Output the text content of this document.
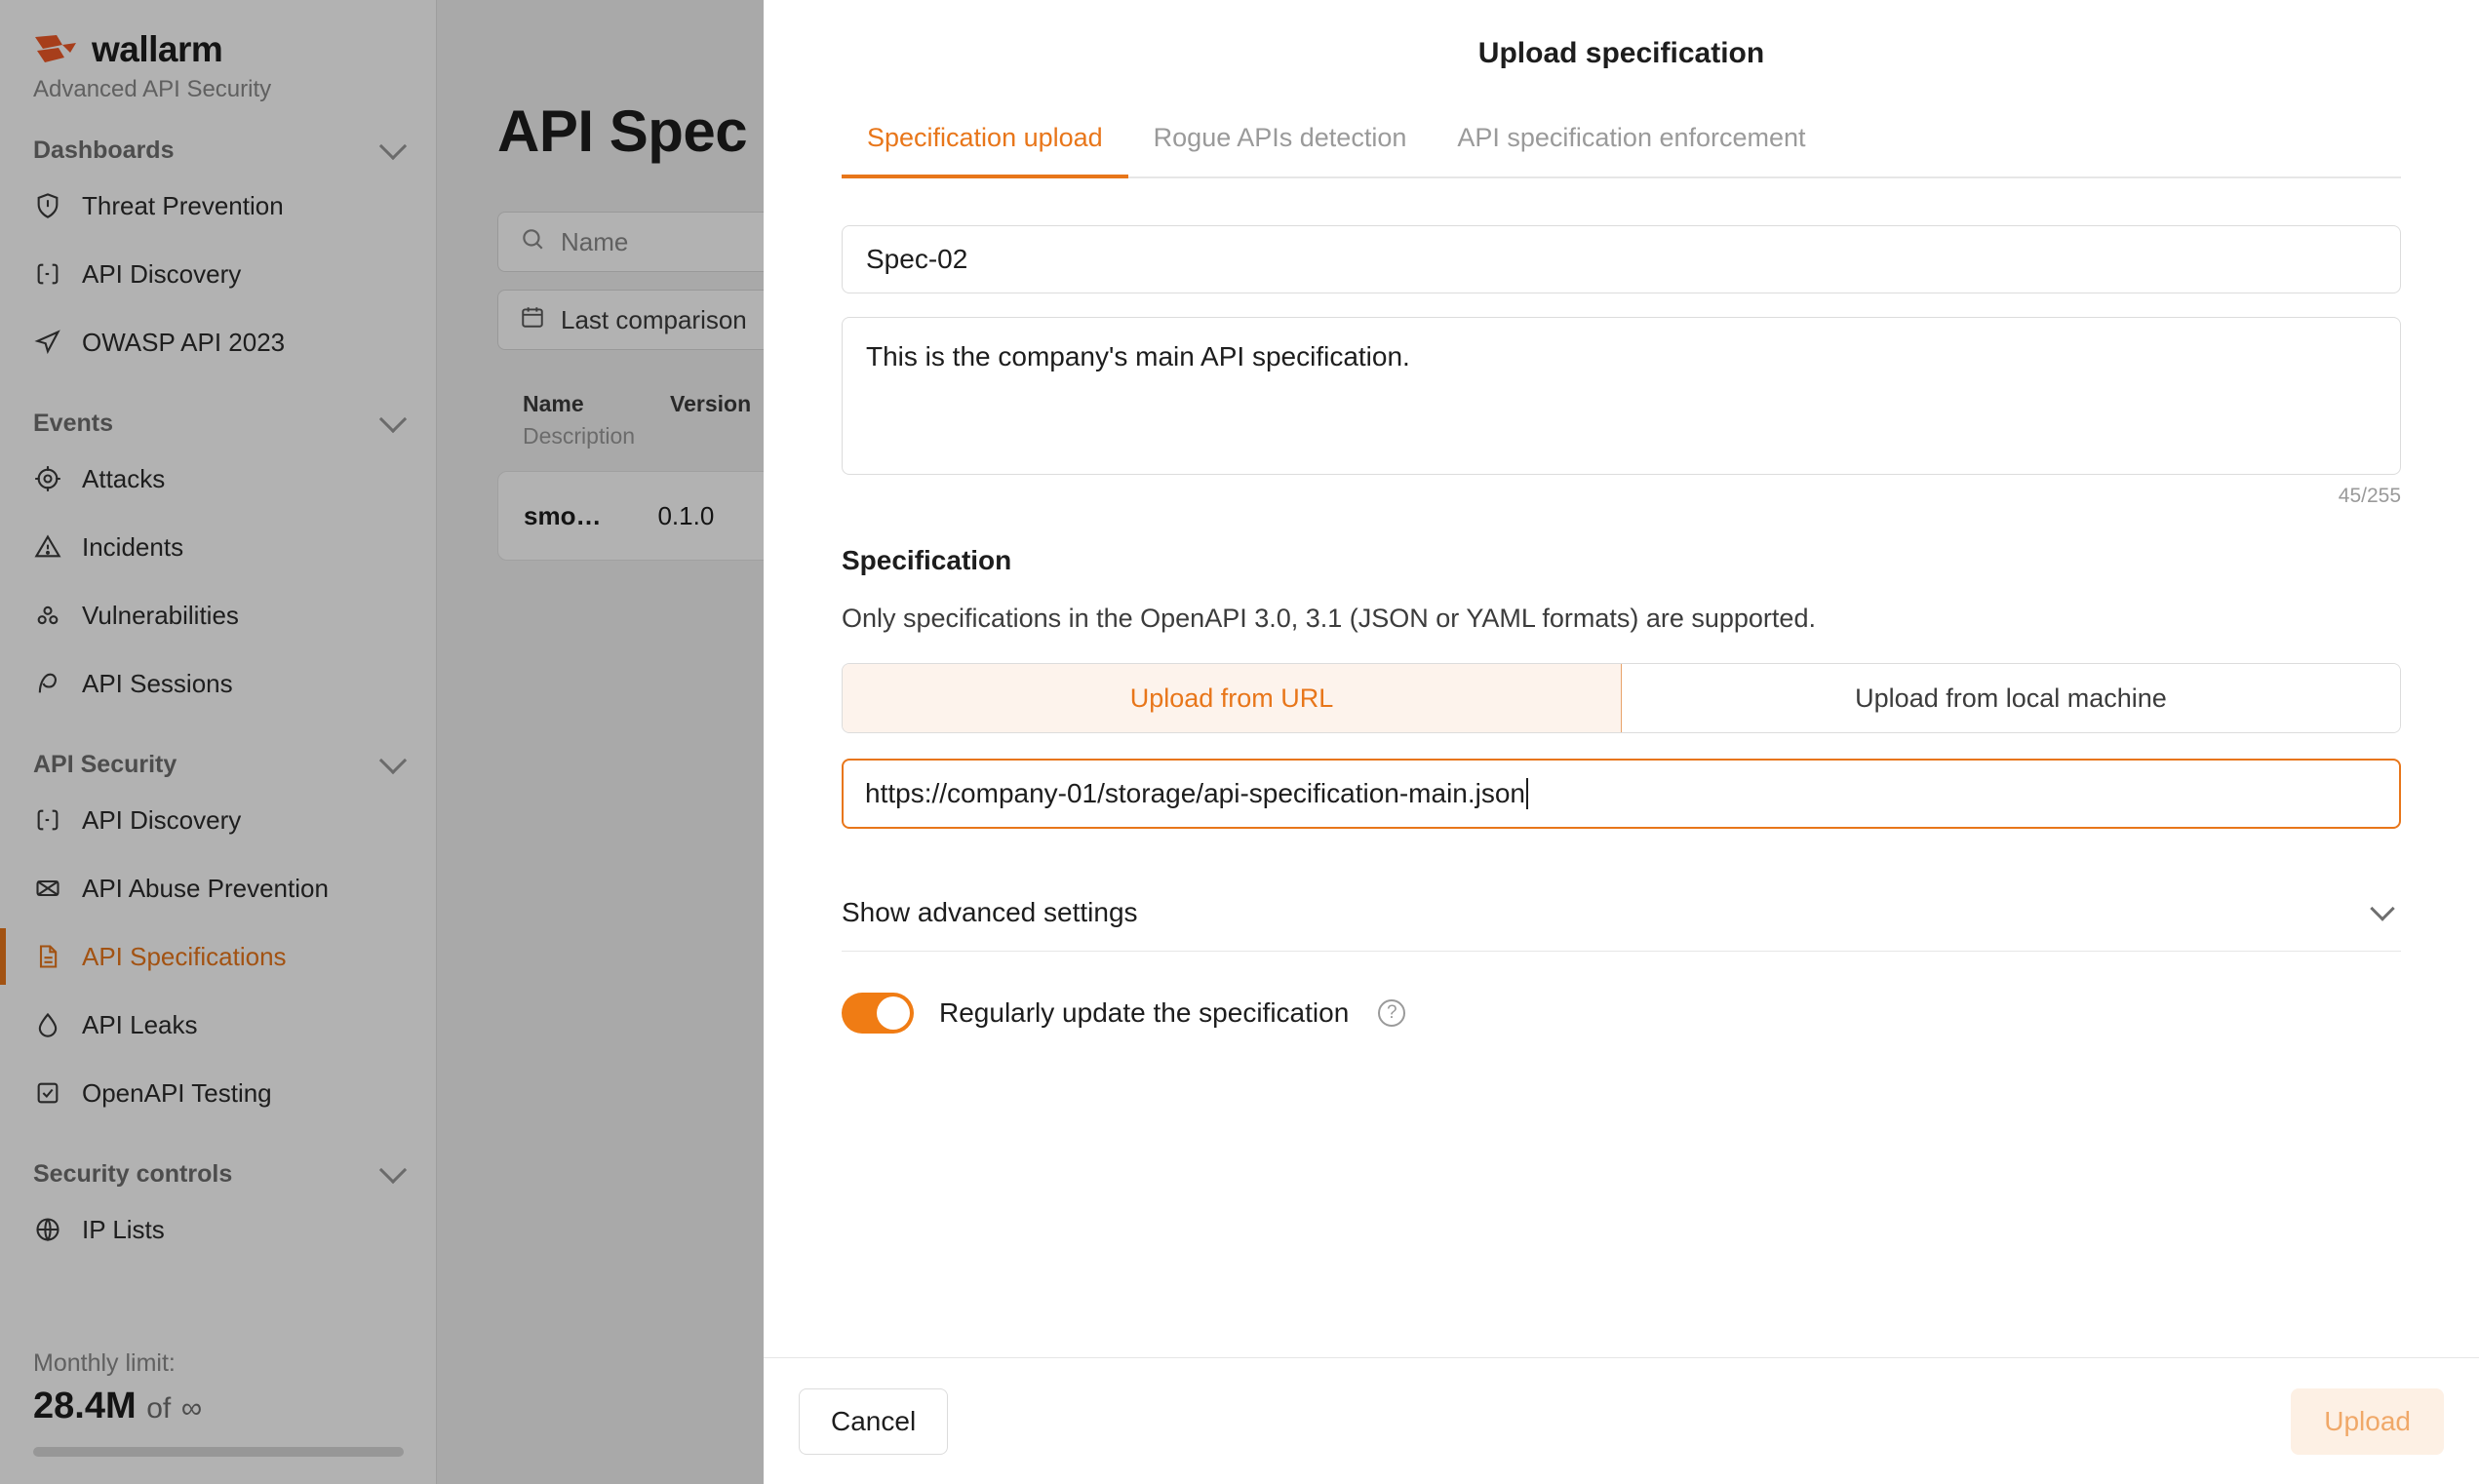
wallarm
Advanced API Security
Dashboards
Threat Prevention
API Discovery
OWASP API 2023
Events
Attacks
Incidents
Vulnerabilities
API Sessions
API Security
API Discovery
API Abuse Prevention
API Specifications
API Leaks
OpenAPI Testing
Security controls
IP Lists
Monthly limit:
28.4M of ∞
API Spec
Name
Last comparison
Name
Description
Version
smo… 0.1.0
Upload specification
Specification upload	Rogue APIs detection	API specification enforcement
Spec-02
This is the company's main API specification.
45/255
Specification
Only specifications in the OpenAPI 3.0, 3.1 (JSON or YAML formats) are supported.
Upload from URL	Upload from local machine
https://company-01/storage/api-specification-main.json
Show advanced settings
Regularly update the specification	?
Cancel	Upload
